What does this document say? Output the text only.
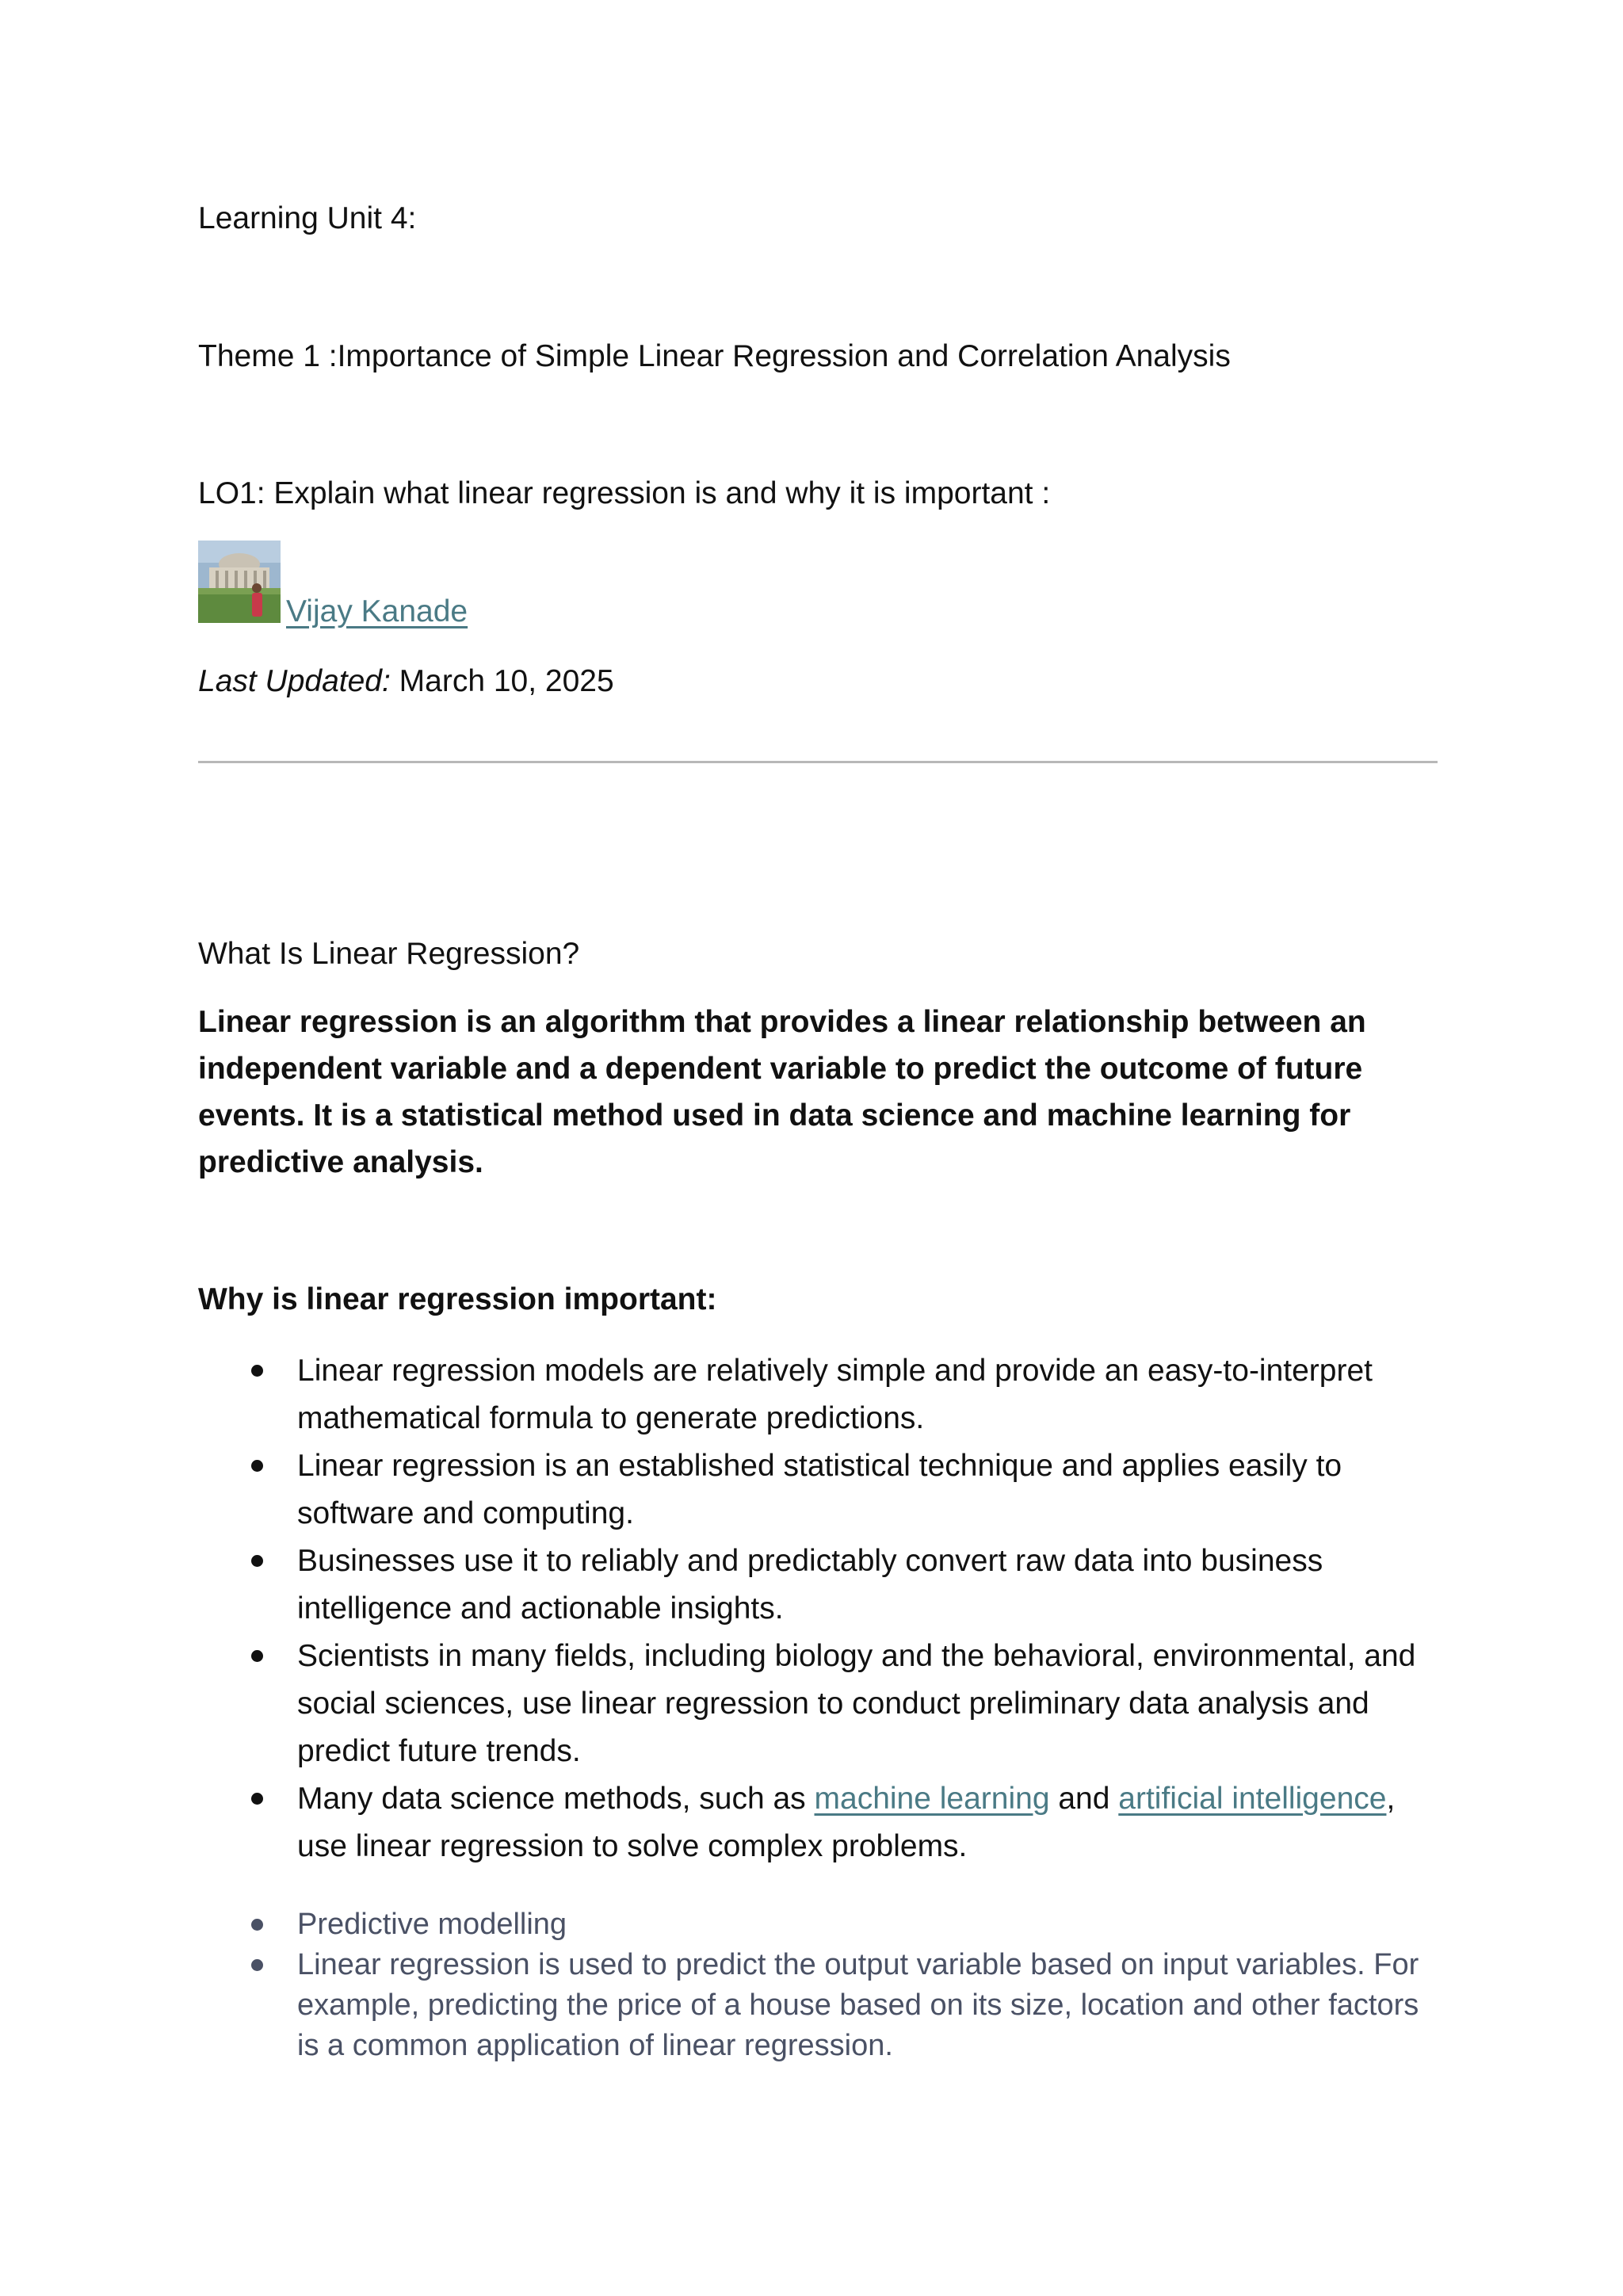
Learning Unit 4:

Theme 1 :Importance of Simple Linear Regression and Correlation Analysis

LO1: Explain what linear regression is and why it is important :

Vijay Kanade

Last Updated: March 10, 2025

What Is Linear Regression?

Linear regression is an algorithm that provides a linear relationship between an independent variable and a dependent variable to predict the outcome of future events. It is a statistical method used in data science and machine learning for predictive analysis.

Why is linear regression important:

Linear regression models are relatively simple and provide an easy-to-interpret mathematical formula to generate predictions.
Linear regression is an established statistical technique and applies easily to software and computing.
Businesses use it to reliably and predictably convert raw data into business intelligence and actionable insights.
Scientists in many fields, including biology and the behavioral, environmental, and social sciences, use linear regression to conduct preliminary data analysis and predict future trends.
Many data science methods, such as machine learning and artificial intelligence, use linear regression to solve complex problems.
Predictive modelling
Linear regression is used to predict the output variable based on input variables. For example, predicting the price of a house based on its size, location and other factors is a common application of linear regression.
